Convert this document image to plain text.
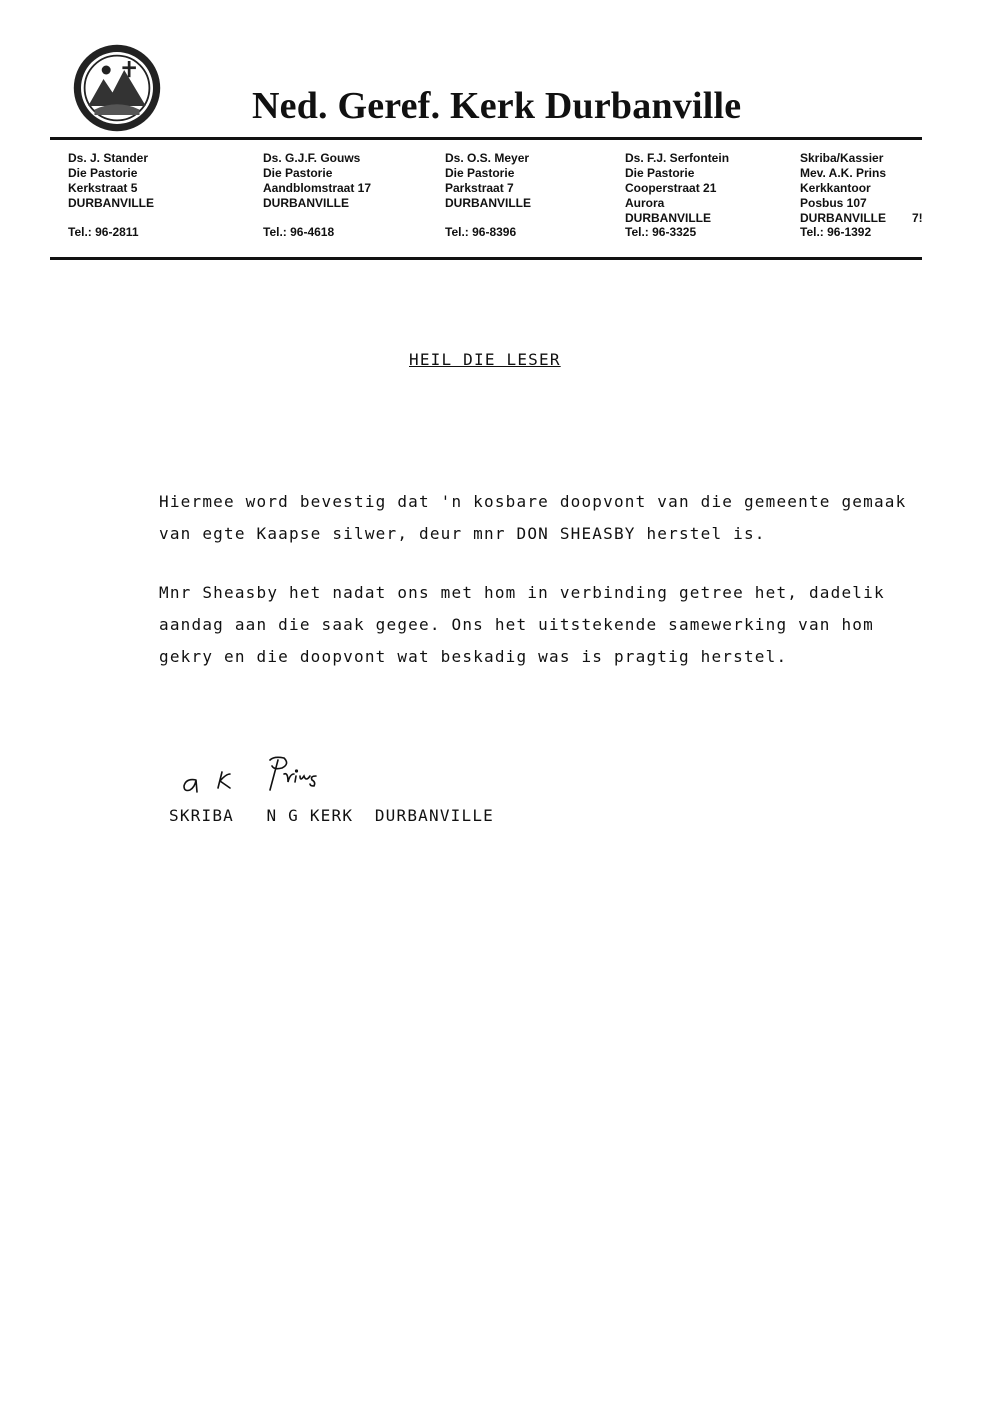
Ned. Geref. Kerk Durbanville
Ds. J. Stander
Die Pastorie
Kerkstraat 5
DURBANVILLE
Tel.: 96-2811
Ds. G.J.F. Gouws
Die Pastorie
Aandblomstraat 17
DURBANVILLE
Tel.: 96-4618
Ds. O.S. Meyer
Die Pastorie
Parkstraat 7
DURBANVILLE
Tel.: 96-8396
Ds. F.J. Serfontein
Die Pastorie
Cooperstraat 21
Aurora
DURBANVILLE
Tel.: 96-3325
Skriba/Kassier
Mev. A.K. Prins
Kerkkantoor
Posbus 107
DURBANVILLE
Tel.: 96-1392
7!
HEIL DIE LESER
Hiermee word bevestig dat 'n kosbare doopvont van die gemeente gemaak
van egte Kaapse silwer, deur mnr DON SHEASBY herstel is.
Mnr Sheasby het nadat ons met hom in verbinding getree het, dadelik
aandag aan die saak gegee. Ons het uitstekende samewerking van hom
gekry en die doopvont wat beskadig was is pragtig herstel.
SKRIBA   N G KERK  DURBANVILLE
